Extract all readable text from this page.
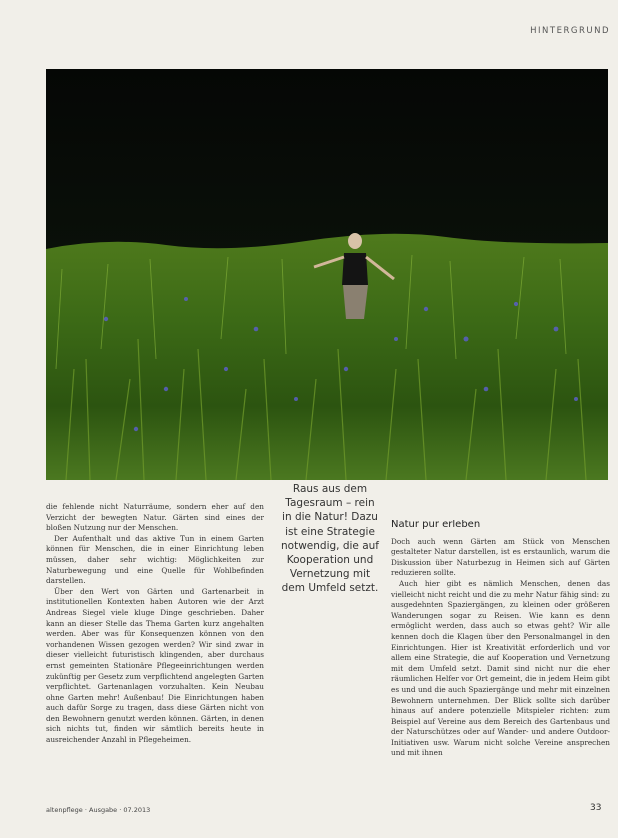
HINTERGRUND

die fehlende nicht Naturräume, sondern eher auf den Verzicht der bewegten Natur. Gärten sind eines der bloßen Nutzung nur der Menschen.

Der Aufenthalt und das aktive Tun in einem Garten können für Menschen, die in einer Einrichtung leben müssen, daher sehr wichtig: Möglichkeiten zur Naturbewegung und eine Quelle für Wohlbefinden darstellen.

Über den Wert von Gärten und Gartenarbeit in institutionellen Kontexten haben Autoren wie der Arzt Andreas Siegel viele kluge Dinge geschrieben. Daher kann an dieser Stelle das Thema Garten kurz angehalten werden. Aber was für Konsequenzen können von den vorhandenen Wissen gezogen werden? Wir sind zwar in dieser vielleicht futuristisch klingenden, aber durchaus ernst gemeinten Stationäre Pflegeeinrichtungen werden zukünftig per Gesetz zum verpflichtend angelegten Garten verpflichtet. Gartenanlagen vorzuhalten. Kein Neubau ohne Garten mehr! Außenbau! Die Einrichtungen haben auch dafür Sorge zu tragen, dass diese Gärten nicht von den Bewohnern genutzt werden können. Gärten, in denen sich nichts tut, finden wir sämtlich bereits heute in ausreichender Anzahl in Pflegeheimen.

Raus aus dem Tagesraum – rein in die Natur! Dazu ist eine Strategie notwendig, die auf Kooperation und Vernetzung mit dem Umfeld setzt.
Natur pur erleben

Doch auch wenn Gärten am Stück von Menschen gestalteter Natur darstellen, ist es erstaunlich, warum die Diskussion über Naturbezug in Heimen sich auf Gärten reduzieren sollte.

Auch hier gibt es nämlich Menschen, denen das vielleicht nicht reicht und die zu mehr Natur fähig sind: zu ausgedehnten Spaziergängen, zu kleinen oder größeren Wanderungen sogar zu Reisen. Wie kann es denn ermöglicht werden, dass auch so etwas geht? Wir alle kennen doch die Klagen über den Personalmangel in den Einrichtungen. Hier ist Kreativität erforderlich und vor allem eine Strategie, die auf Kooperation und Vernetzung mit dem Umfeld setzt. Damit sind nicht nur die eher räumlichen Helfer vor Ort gemeint, die in jedem Heim gibt es und und die auch Spaziergänge und mehr mit einzelnen Bewohnern unternehmen. Der Blick sollte sich darüber hinaus auf andere potenzielle Mitspieler richten: zum Beispiel auf Vereine aus dem Bereich des Gartenbaus und der Naturschützes oder auf Wander- und andere Outdoor-Initiativen usw. Warum nicht solche Vereine ansprechen und mit ihnen

altenpflege · Ausgabe · 07.2013	33
